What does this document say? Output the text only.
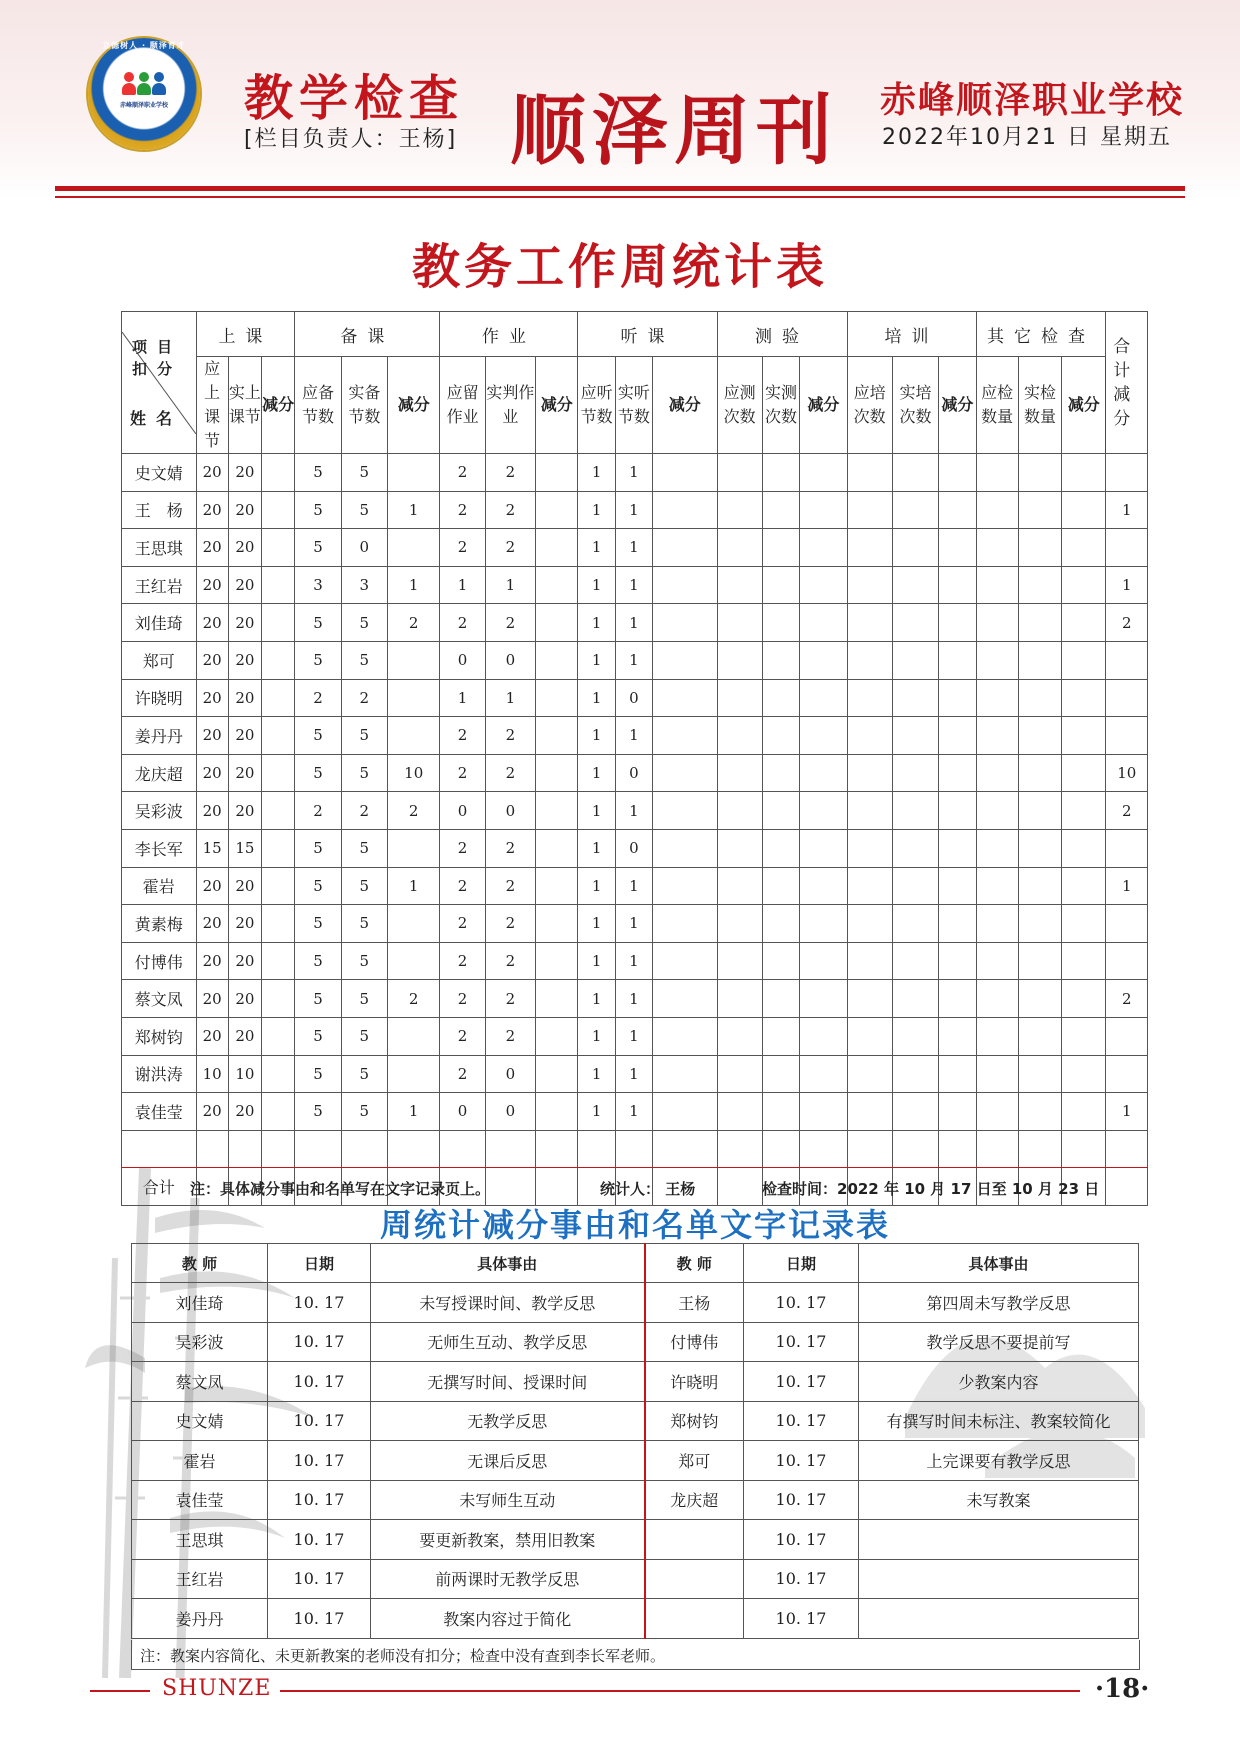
立德树人 · 顺泽育才
赤峰顺泽职业学校 教学检查
[栏目负责人：王杨] 顺泽周刊 赤峰顺泽职业学校
2022年10月21 日 星期五
教务工作周统计表
项目
扣分
姓名	上课			备课			作业			听课			测验			培训			其它检查			合计减分
	应上课节	实上课节	减分	应备节数	实备节数	减分	应留作业	实判作业	减分	应听节数	实听节数	减分	应测次数	实测次数	减分	应培次数	实培次数	减分	应检数量	实检数量	减分	
史文婧	20	20		5	5		2	2		1	1											
王　杨	20	20		5	5	1	2	2		1	1											1
王思琪	20	20		5	0		2	2		1	1											
王红岩	20	20		3	3	1	1	1		1	1											1
刘佳琦	20	20		5	5	2	2	2		1	1											2
郑可	20	20		5	5		0	0		1	1											
许晓明	20	20		2	2		1	1		1	0											
姜丹丹	20	20		5	5		2	2		1	1											
龙庆超	20	20		5	5	10	2	2		1	0											10
吴彩波	20	20		2	2	2	0	0		1	1											2
李长军	15	15		5	5		2	2		1	0											
霍岩	20	20		5	5	1	2	2		1	1											1
黄素梅	20	20		5	5		2	2		1	1											
付博伟	20	20		5	5		2	2		1	1											
蔡文凤	20	20		5	5	2	2	2		1	1											2
郑树钧	20	20		5	5		2	2		1	1											
谢洪涛	10	10		5	5		2	0		1	1											
袁佳莹	20	20		5	5	1	0	0		1	1											1

合计																						注：具体减分事由和名单写在文字记录页上。	统计人： 王杨	检查时间：2022 年 10 月 17 日至 10 月 23 日
周统计减分事由和名单文字记录表
教 师	日期	具体事由	教 师	日期	具体事由
刘佳琦	10. 17	未写授课时间、教学反思	王杨	10. 17	第四周未写教学反思
吴彩波	10. 17	无师生互动、教学反思	付博伟	10. 17	教学反思不要提前写
蔡文凤	10. 17	无撰写时间、授课时间	许晓明	10. 17	少教案内容
史文婧	10. 17	无教学反思	郑树钧	10. 17	有撰写时间未标注、教案较简化
霍岩	10. 17	无课后反思	郑可	10. 17	上完课要有教学反思
袁佳莹	10. 17	未写师生互动	龙庆超	10. 17	未写教案
王思琪	10. 17	要更新教案，禁用旧教案		10. 17	
王红岩	10. 17	前两课时无教学反思		10. 17	
姜丹丹	10. 17	教案内容过于简化		10. 17	
注：教案内容简化、未更新教案的老师没有扣分；检查中没有查到李长军老师。
SHUNZE	·18·
